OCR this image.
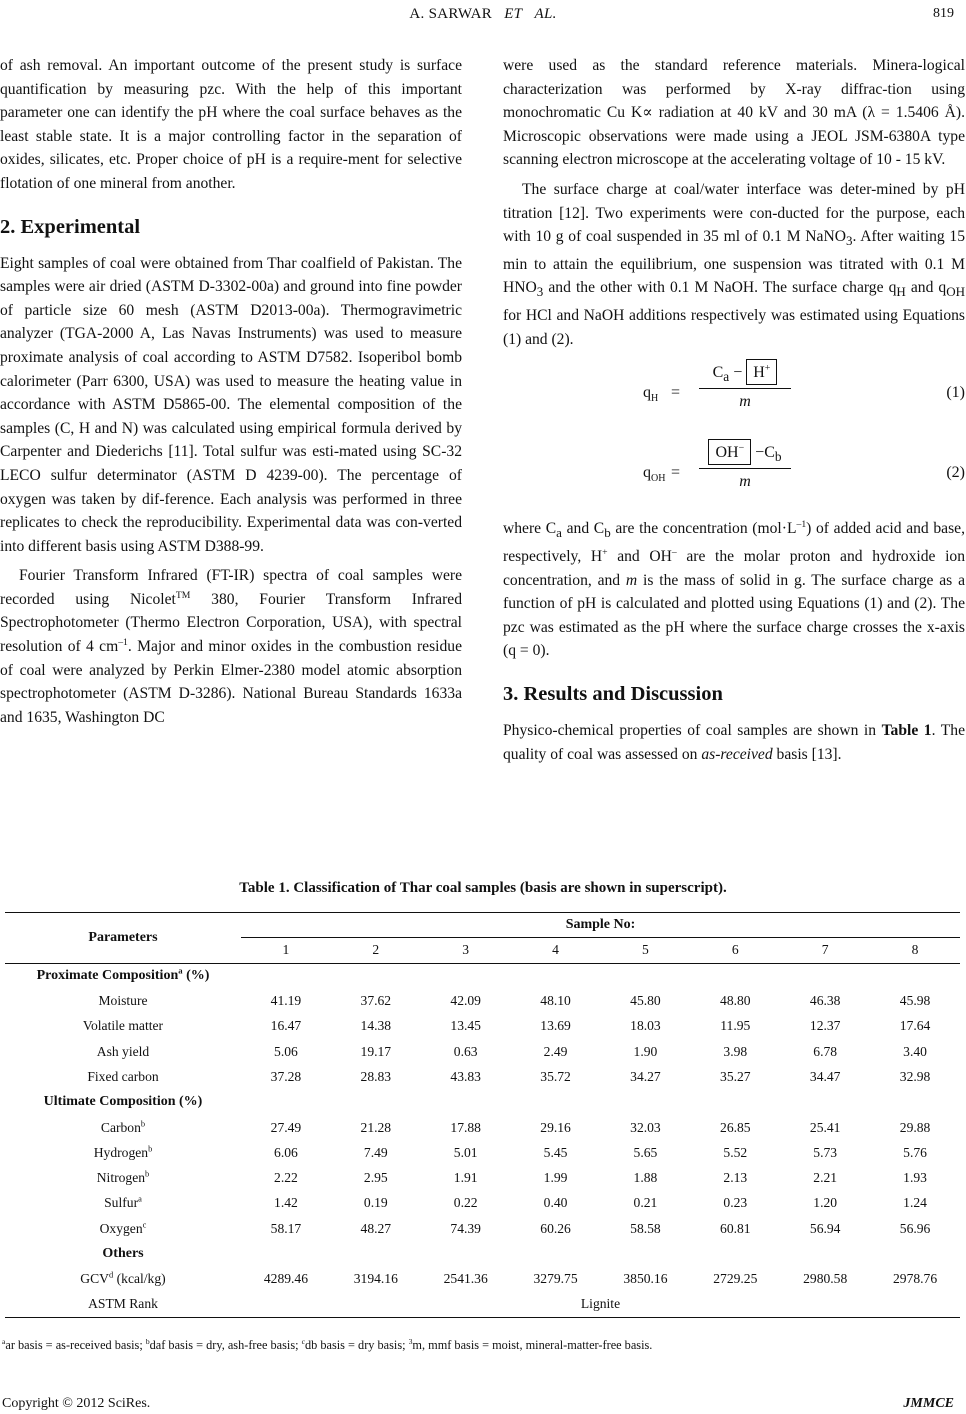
A. SARWAR ET AL.	819

of ash removal. An important outcome of the present study is surface quantification by measuring pzc. With the help of this important parameter one can identify the pH where the coal surface behaves as the least stable state. It is a major controlling factor in the separation of oxides, silicates, etc. Proper choice of pH is a require-ment for selective flotation of one mineral from another.

2. Experimental

Eight samples of coal were obtained from Thar coalfield of Pakistan. The samples were air dried (ASTM D-3302-00a) and ground into fine powder of particle size 60 mesh (ASTM D2013-00a). Thermogravimetric analyzer (TGA-2000 A, Las Navas Instruments) was used to measure proximate analysis of coal according to ASTM D7582. Isoperibol bomb calorimeter (Parr 6300, USA) was used to measure the heating value in accordance with ASTM D5865-00. The elemental composition of the samples (C, H and N) was calculated using empirical formula derived by Carpenter and Diederichs [11]. Total sulfur was esti-mated using SC-32 LECO sulfur determinator (ASTM D 4239-00). The percentage of oxygen was taken by dif-ference. Each analysis was performed in three replicates to check the reproducibility. Experimental data was con-verted into different basis using ASTM D388-99.

Fourier Transform Infrared (FT-IR) spectra of coal samples were recorded using Nicolet™ 380, Fourier Transform Infrared Spectrophotometer (Thermo Electron Corporation, USA), with spectral resolution of 4 $cm^{-1}$. Major and minor oxides in the combustion residue of coal were analyzed by Perkin Elmer-2380 model atomic absorption spectrophotometer (ASTM D-3286). National Bureau Standards 1633a and 1635, Washington DC

were used as the standard reference materials. Minera-logical characterization was performed by X-ray diffrac-tion using monochromatic Cu K∝ radiation at 40 kV and 30 mA (λ = 1.5406 Å). Microscopic observations were made using a JEOL JSM-6380A type scanning electron microscope at the accelerating voltage of 10 - 15 kV.

The surface charge at coal/water interface was deter-mined by pH titration [12]. Two experiments were con-ducted for the purpose, each with 10 g of coal suspended in 35 ml of 0.1 M NaNO$_3$. After waiting 15 min to attain the equilibrium, one suspension was titrated with 0.1 M $HNO_3$ and the other with 0.1 M NaOH. The surface charge $q_H$ and $q_{OH}$ for HCl and NaOH additions respectively was estimated using Equations (1) and (2).

$q_H = \frac{C_a - H^+}{m}$	(1)
$q_{OH} = \frac{OH^- -C_b}{m}$	(2)

where $C_a$ and $C_b$ are the concentration $(mol\cdot L^{-1})$ of added acid and base, respectively, H+ and OH– are the molar proton and hydroxide ion concentration, and m is the mass of solid in g. The surface charge as a function of pH is calculated and plotted using Equations (1) and (2). The pzc was estimated as the pH where the surface charge crosses the x-axis (q = 0).

3. Results and Discussion

Physico-chemical properties of coal samples are shown in Table 1. The quality of coal was assessed on as-received basis [13].

Table 1. Classification of Thar coal samples (basis are shown in superscript).
Parameters	Sample No:							
	1	2	3	4	5	6	7	8
Proximate Composition$^a$ (%)								
Moisture	41.19	37.62	42.09	48.10	45.80	48.80	46.38	45.98
Volatile matter	16.47	14.38	13.45	13.69	18.03	11.95	12.37	17.64
Ash yield	5.06	19.17	0.63	2.49	1.90	3.98	6.78	3.40
Fixed carbon	37.28	28.83	43.83	35.72	34.27	35.27	34.47	32.98
Ultimate Composition (%)								
Carbon$^b$	27.49	21.28	17.88	29.16	32.03	26.85	25.41	29.88
Hydrogen$^b$	6.06	7.49	5.01	5.45	5.65	5.52	5.73	5.76
Nitrogen$^b$	2.22	2.95	1.91	1.99	1.88	2.13	2.21	1.93
Sulfur$^a$	1.42	0.19	0.22	0.40	0.21	0.23	1.20	1.24
Oxygen$^c$	58.17	48.27	74.39	60.26	58.58	60.81	56.94	56.96
Others								
GCV$^d$ (kcal/kg)	4289.46	3194.16	2541.36	3279.75	3850.16	2729.25	2980.58	2978.76
ASTM Rank	Lignite							
$^a$ar basis = as-received basis; $^b$daf basis = dry, ash-free basis; $^c$db basis = dry basis; $^3$m, mmf basis = moist, mineral-matter-free basis.
Copyright © 2012 SciRes.	JMMCE
